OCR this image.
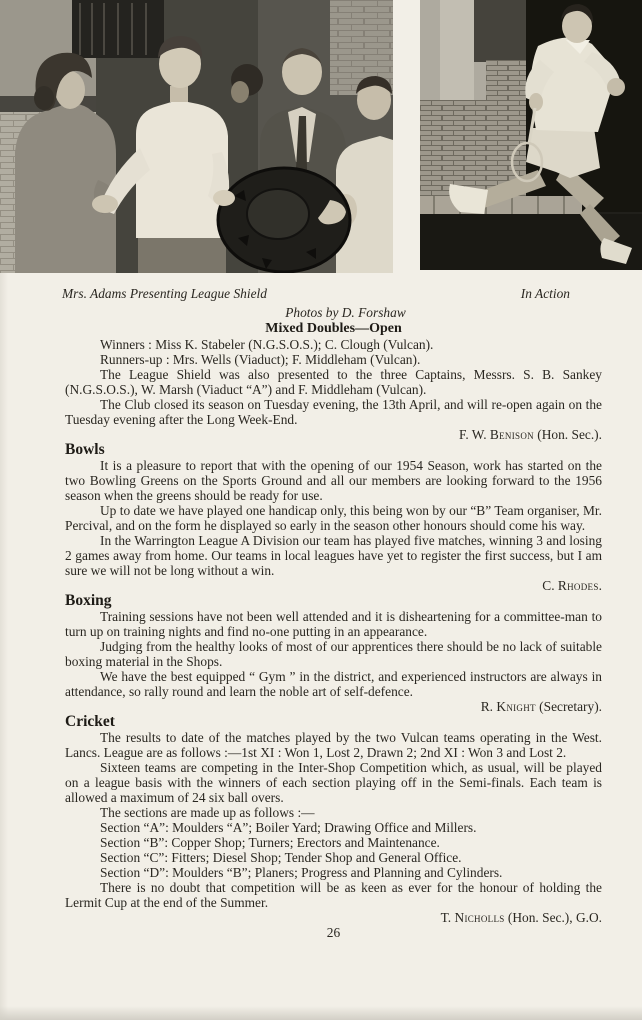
Mrs. Adams Presenting League Shield	In Action
Photos by D. Forshaw

Mixed Doubles—Open

Winners : Miss K. Stabeler (N.G.S.O.S.); C. Clough (Vulcan).

Runners-up : Mrs. Wells (Viaduct); F. Middleham (Vulcan).

The League Shield was also presented to the three Captains, Messrs. S. B. Sankey (N.G.S.O.S.), W. Marsh (Viaduct “A”) and F. Middleham (Vulcan).

The Club closed its season on Tuesday evening, the 13th April, and will re-open again on the Tuesday evening after the Long Week-End.

F. W. Benison (Hon. Sec.).

Bowls

It is a pleasure to report that with the opening of our 1954 Season, work has started on the two Bowling Greens on the Sports Ground and all our members are looking forward to the 1956 season when the greens should be ready for use.

Up to date we have played one handicap only, this being won by our “B” Team organiser, Mr. Percival, and on the form he displayed so early in the season other honours should come his way.

In the Warrington League A Division our team has played five matches, winning 3 and losing 2 games away from home. Our teams in local leagues have yet to register the first success, but I am sure we will not be long without a win.

C. Rhodes.

Boxing

Training sessions have not been well attended and it is disheartening for a committee-man to turn up on training nights and find no-one putting in an appearance.

Judging from the healthy looks of most of our apprentices there should be no lack of suitable boxing material in the Shops.

We have the best equipped “ Gym ” in the district, and experienced instructors are always in attendance, so rally round and learn the noble art of self-defence.

R. Knight (Secretary).

Cricket

The results to date of the matches played by the two Vulcan teams operating in the West. Lancs. League are as follows :—1st XI : Won 1, Lost 2, Drawn 2; 2nd XI : Won 3 and Lost 2.

Sixteen teams are competing in the Inter-Shop Competition which, as usual, will be played on a league basis with the winners of each section playing off in the Semi-finals. Each team is allowed a maximum of 24 six ball overs.

The sections are made up as follows :—

Section “A”: Moulders “A”; Boiler Yard; Drawing Office and Millers.

Section “B”: Copper Shop; Turners; Erectors and Maintenance.

Section “C”: Fitters; Diesel Shop; Tender Shop and General Office.

Section “D”: Moulders “B”; Planers; Progress and Planning and Cylinders.

There is no doubt that competition will be as keen as ever for the honour of holding the Lermit Cup at the end of the Summer.

T. Nicholls (Hon. Sec.), G.O.

26
